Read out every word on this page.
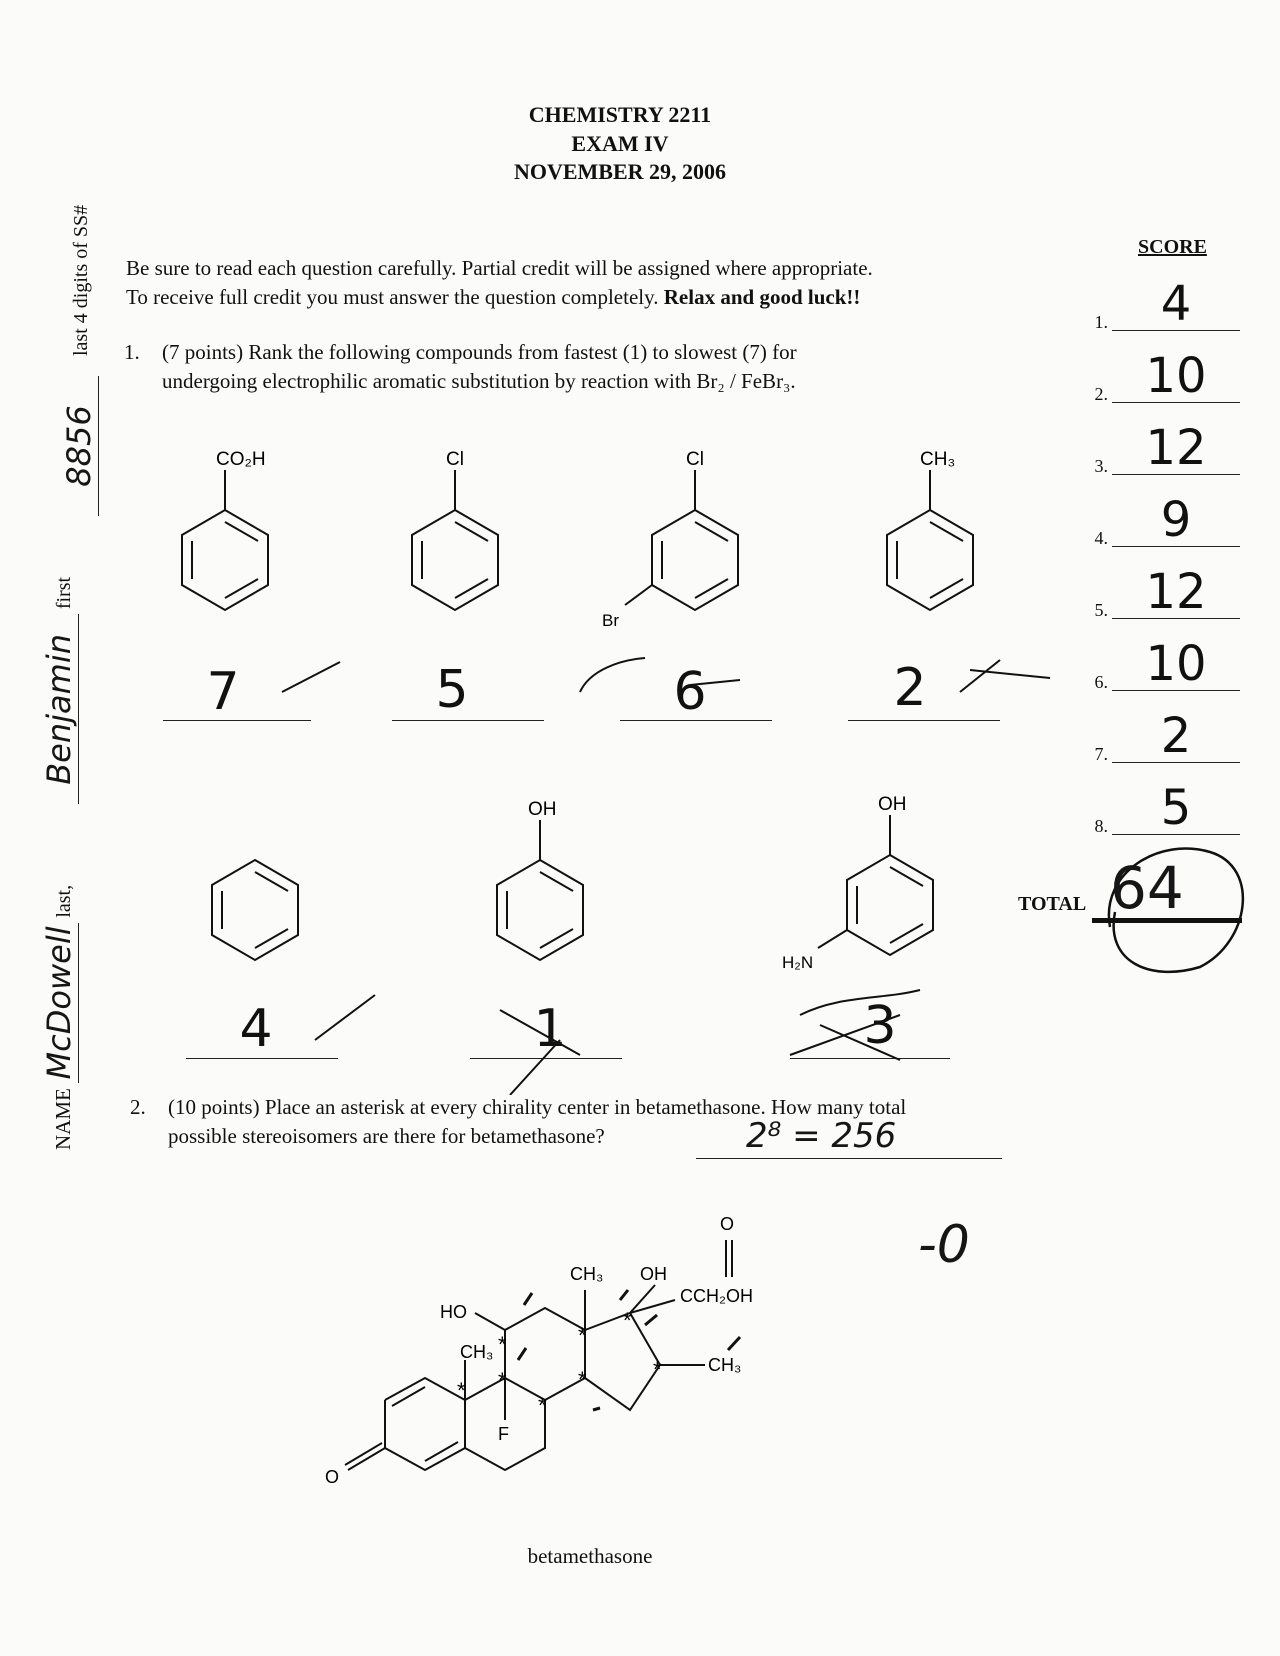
CHEMISTRY 2211
EXAM IV
NOVEMBER 29, 2006
Be sure to read each question carefully. Partial credit will be assigned where appropriate.
To receive full credit you must answer the question completely. Relax and good luck!!
SCORE
1.	4
2. 10
3. 12
4.	9
5. 12
6. 10
7.	2
8.	5
TOTAL 64
1. (7 points) Rank the following compounds from fastest (1) to slowest (7) for
undergoing electrophilic aromatic substitution by reaction with Br₂ / FeBr₃.
CO₂H	Cl	Cl
Br
CH₃
7	5	6	2
OH	OH
H₂N
4	1	3
2. (10 points) Place an asterisk at every chirality center in betamethasone. How many total
possible stereoisomers are there for betamethasone?	2⁸ = 256
-0
HO
CH₃
CH₃ OH
CCH₂OH
O
CH₃
F
O
*
*
*
*
*
*
*
*
betamethasone
NAME McDowell last,  Benjamin first
8856
last 4 digits of SS#
